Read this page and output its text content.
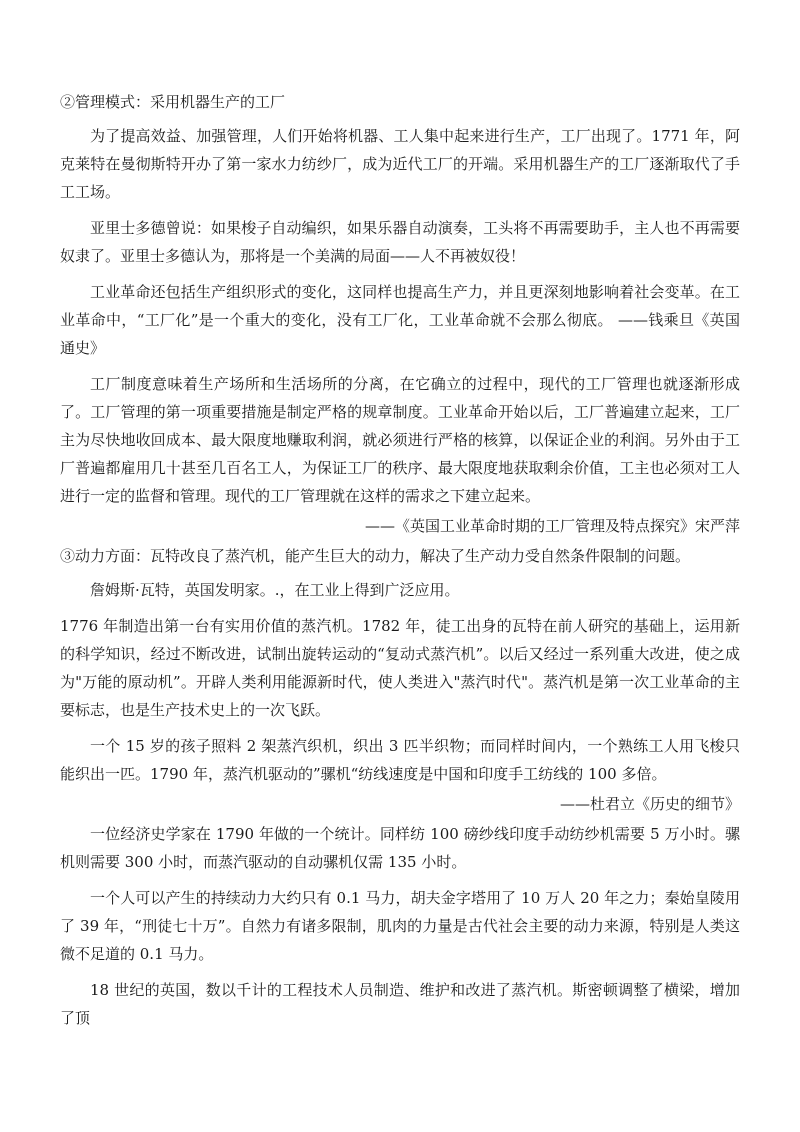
②管理模式：采用机器生产的工厂

为了提高效益、加强管理，人们开始将机器、工人集中起来进行生产，工厂出现了。1771 年，阿克莱特在曼彻斯特开办了第一家水力纺纱厂，成为近代工厂的开端。采用机器生产的工厂逐渐取代了手工工场。

亚里士多德曾说：如果梭子自动编织，如果乐器自动演奏，工头将不再需要助手，主人也不再需要奴隶了。亚里士多德认为，那将是一个美满的局面——人不再被奴役！

工业革命还包括生产组织形式的变化，这同样也提高生产力，并且更深刻地影响着社会变革。在工业革命中，“工厂化”是一个重大的变化，没有工厂化，工业革命就不会那么彻底。 ——钱乘旦《英国通史》

工厂制度意味着生产场所和生活场所的分离，在它确立的过程中，现代的工厂管理也就逐渐形成了。工厂管理的第一项重要措施是制定严格的规章制度。工业革命开始以后，工厂普遍建立起来，工厂主为尽快地收回成本、最大限度地赚取利润，就必须进行严格的核算，以保证企业的利润。另外由于工厂普遍都雇用几十甚至几百名工人，为保证工厂的秩序、最大限度地获取剩余价值，工主也必须对工人进行一定的监督和管理。现代的工厂管理就在这样的需求之下建立起来。

——《英国工业革命时期的工厂管理及特点探究》宋严萍

③动力方面：瓦特改良了蒸汽机，能产生巨大的动力，解决了生产动力受自然条件限制的问题。

詹姆斯·瓦特，英国发明家。.，在工业上得到广泛应用。

1776 年制造出第一台有实用价值的蒸汽机。1782 年，徒工出身的瓦特在前人研究的基础上，运用新的科学知识，经过不断改进，试制出旋转运动的“复动式蒸汽机”。以后又经过一系列重大改进，使之成为"万能的原动机”。开辟人类利用能源新时代，使人类进入"蒸汽时代"。蒸汽机是第一次工业革命的主要标志，也是生产技术史上的一次飞跃。

一个 15 岁的孩子照料 2 架蒸汽织机，织出 3 匹半织物；而同样时间内，一个熟练工人用飞梭只能织出一匹。1790 年，蒸汽机驱动的”骡机“纺线速度是中国和印度手工纺线的 100 多倍。

——杜君立《历史的细节》

一位经济史学家在 1790 年做的一个统计。同样纺 100 磅纱线印度手动纺纱机需要 5 万小时。骡机则需要 300 小时，而蒸汽驱动的自动骡机仅需 135 小时。

一个人可以产生的持续动力大约只有 0.1 马力，胡夫金字塔用了 10 万人 20 年之力；秦始皇陵用了 39 年，“刑徒七十万”。自然力有诸多限制，肌肉的力量是古代社会主要的动力来源，特别是人类这微不足道的 0.1 马力。

18 世纪的英国，数以千计的工程技术人员制造、维护和改进了蒸汽机。斯密顿调整了横梁，增加了顶
